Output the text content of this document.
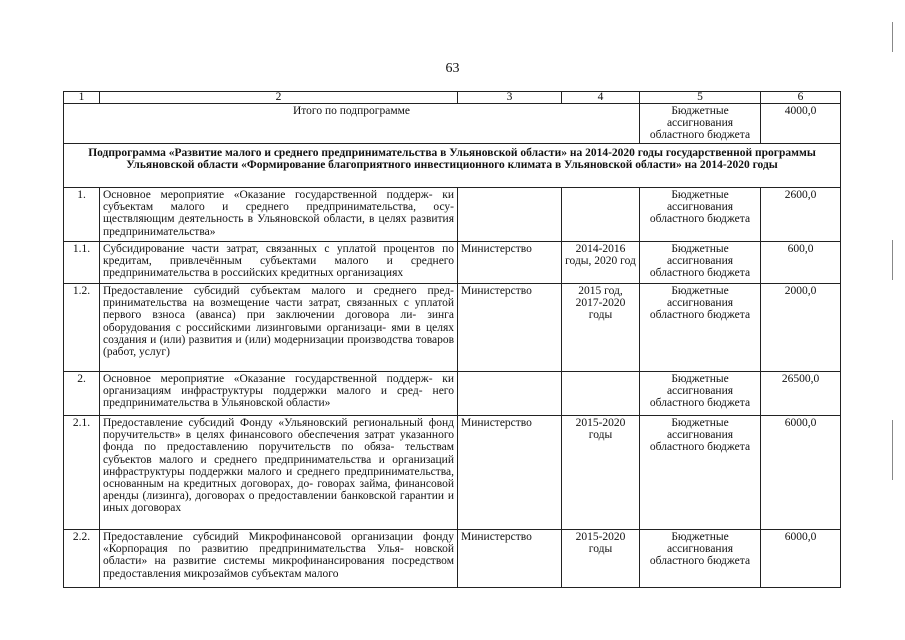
63
1	2	3	4	5	6
Итого по подпрограмме				Бюджетные ассигнования областного бюджета	4000,0
Подпрограмма «Развитие малого и среднего предпринимательства в Ульяновской области» на 2014-2020 годы государственной программы Ульяновской области «Формирование благоприятного инвестиционного климата в Ульяновской области» на 2014-2020 годы					
1.	Основное мероприятие «Оказание государственной поддерж- ки субъектам малого и среднего предпринимательства, осу- ществляющим деятельность в Ульяновской области, в целях развития предпринимательства»			Бюджетные ассигнования областного бюджета	2600,0
1.1.	Субсидирование части затрат, связанных с уплатой процентов по кредитам, привлечённым субъектами малого и среднего предпринимательства в российских кредитных организациях	Министерство	2014-2016 годы, 2020 год	Бюджетные ассигнования областного бюджета	600,0
1.2.	Предоставление субсидий субъектам малого и среднего пред- принимательства на возмещение части затрат, связанных с уплатой первого взноса (аванса) при заключении договора ли- зинга оборудования с российскими лизинговыми организаци- ями в целях создания и (или) развития и (или) модернизации производства товаров (работ, услуг)	Министерство	2015 год, 2017-2020 годы	Бюджетные ассигнования областного бюджета	2000,0
2.	Основное мероприятие «Оказание государственной поддерж- ки организациям инфраструктуры поддержки малого и сред- него предпринимательства в Ульяновской области»			Бюджетные ассигнования областного бюджета	26500,0
2.1.	Предоставление субсидий Фонду «Ульяновский региональный фонд поручительств» в целях финансового обеспечения затрат указанного фонда по предоставлению поручительств по обяза- тельствам субъектов малого и среднего предпринимательства и организаций инфраструктуры поддержки малого и среднего предпринимательства, основанным на кредитных договорах, до- говорах займа, финансовой аренды (лизинга), договорах о предоставлении банковской гарантии и иных договорах	Министерство	2015-2020 годы	Бюджетные ассигнования областного бюджета	6000,0
2.2.	Предоставление субсидий Микрофинансовой организации фонду «Корпорация по развитию предпринимательства Улья- новской области» на развитие системы микрофинансирования посредством предоставления микрозаймов субъектам малого	Министерство	2015-2020 годы	Бюджетные ассигнования областного бюджета	6000,0
